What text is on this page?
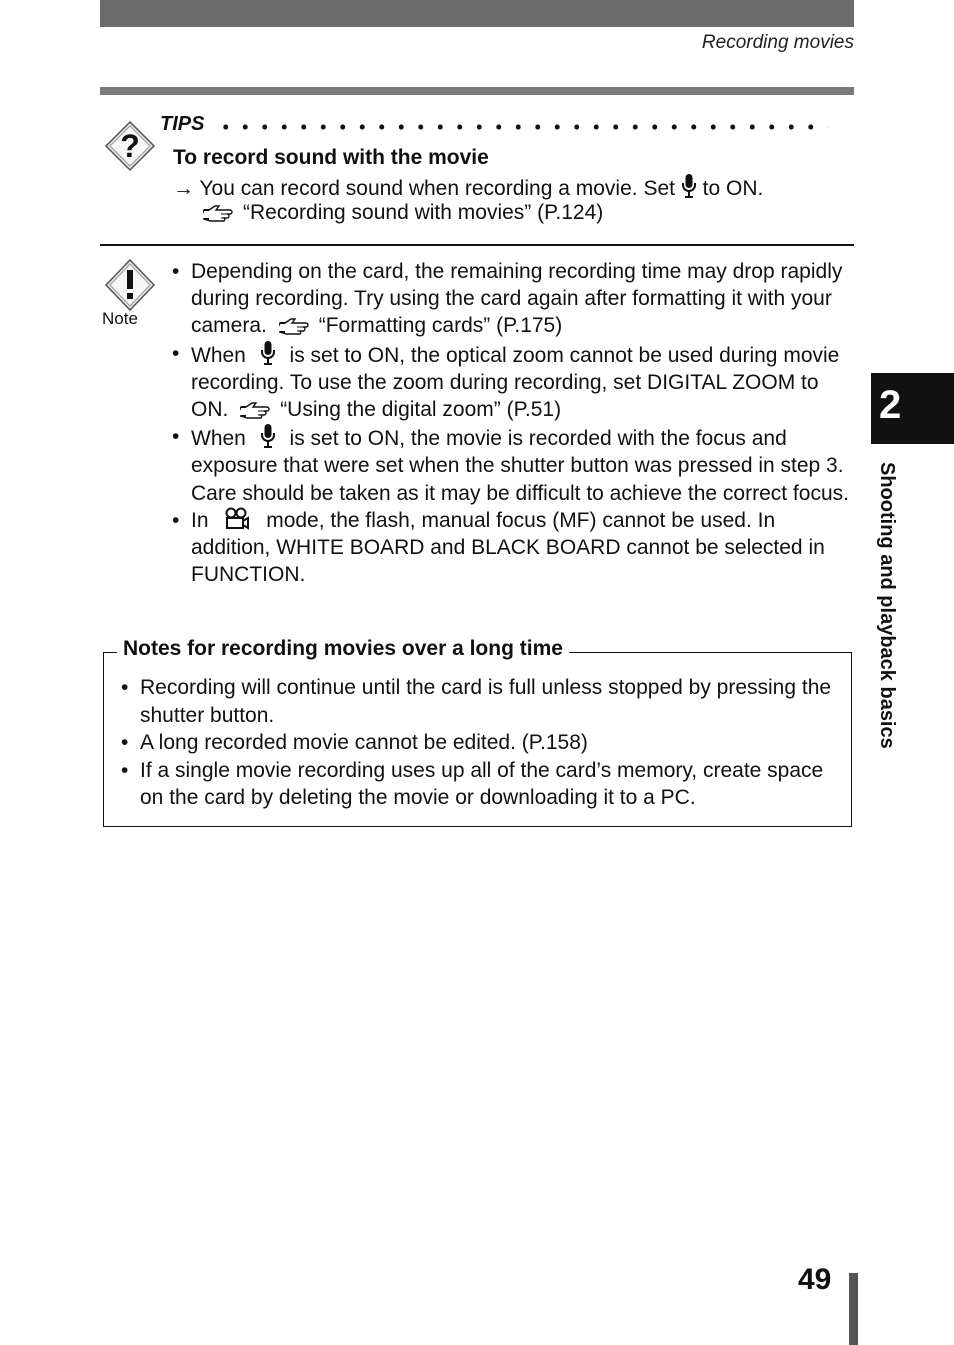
Recording movies
?
TIPS
To record sound with the movie
→ You can record sound when recording a movie. Set to ON.
“Recording sound with movies” (P.124)
Note
• Depending on the card, the remaining recording time may drop rapidly during recording. Try using the card again after formatting it with your camera. “Formatting cards” (P.175)
• When is set to ON, the optical zoom cannot be used during movie recording. To use the zoom during recording, set DIGITAL ZOOM to ON. “Using the digital zoom” (P.51)
• When is set to ON, the movie is recorded with the focus and exposure that were set when the shutter button was pressed in step 3. Care should be taken as it may be difficult to achieve the correct focus.
• In	mode, the flash, manual focus (MF) cannot be used. In addition, WHITE BOARD and BLACK BOARD cannot be selected in FUNCTION.
Notes for recording movies over a long time
• Recording will continue until the card is full unless stopped by pressing the shutter button.
• A long recorded movie cannot be edited. (P.158)
• If a single movie recording uses up all of the card’s memory, create space on the card by deleting the movie or downloading it to a PC.
2
Shooting and playback basics
49
